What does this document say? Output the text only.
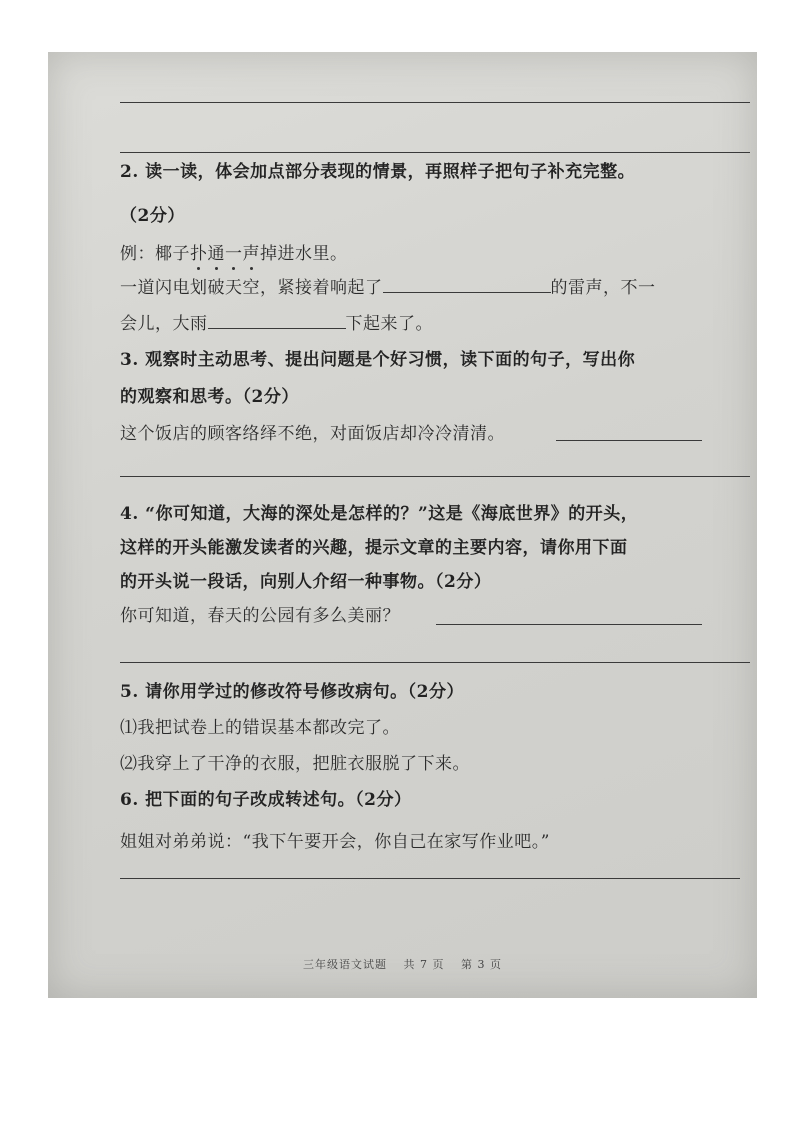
2. 读一读，体会加点部分表现的情景，再照样子把句子补充完整。
（2分）
例：椰子扑通一声掉进水里。
一道闪电划破天空，紧接着响起了	的雷声，不一
会儿，大雨	下起来了。
3. 观察时主动思考、提出问题是个好习惯，读下面的句子，写出你
的观察和思考。（2分）
这个饭店的顾客络绎不绝，对面饭店却冷冷清清。
4. “你可知道，大海的深处是怎样的？”这是《海底世界》的开头，
这样的开头能激发读者的兴趣，提示文章的主要内容，请你用下面
的开头说一段话，向别人介绍一种事物。（2分）
你可知道，春天的公园有多么美丽？
5. 请你用学过的修改符号修改病句。（2分）
⑴我把试卷上的错误基本都改完了。
⑵我穿上了干净的衣服，把脏衣服脱了下来。
6. 把下面的句子改成转述句。（2分）
姐姐对弟弟说：“我下午要开会，你自己在家写作业吧。”
三年级语文试题 共 7 页 第 3 页
